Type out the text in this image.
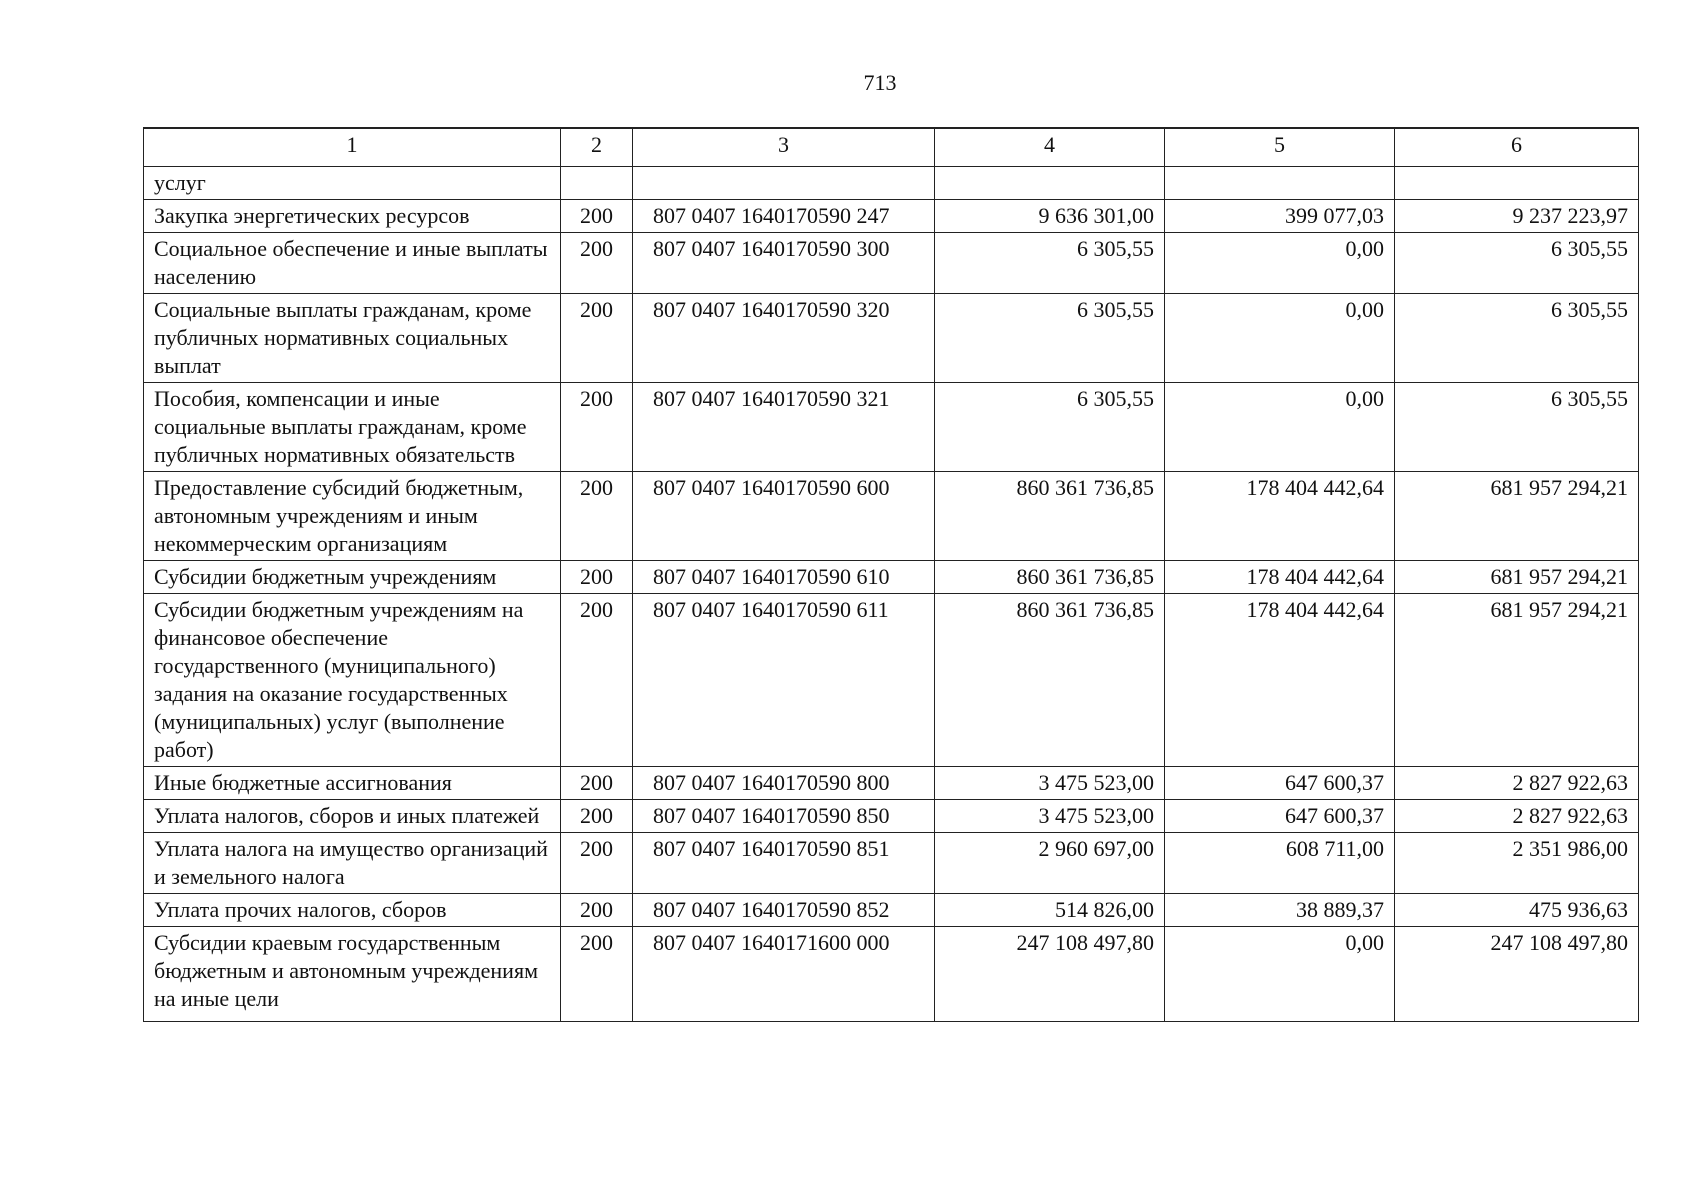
713
1	2	3	4	5	6
услуг					
Закупка энергетических ресурсов	200	807 0407 1640170590 247	9 636 301,00	399 077,03	9 237 223,97
Социальное обеспечение и иные выплаты населению	200	807 0407 1640170590 300	6 305,55	0,00	6 305,55
Социальные выплаты гражданам, кроме публичных нормативных социальных выплат	200	807 0407 1640170590 320	6 305,55	0,00	6 305,55
Пособия, компенсации и иные социальные выплаты гражданам, кроме публичных нормативных обязательств	200	807 0407 1640170590 321	6 305,55	0,00	6 305,55
Предоставление субсидий бюджетным, автономным учреждениям и иным некоммерческим организациям	200	807 0407 1640170590 600	860 361 736,85	178 404 442,64	681 957 294,21
Субсидии бюджетным учреждениям	200	807 0407 1640170590 610	860 361 736,85	178 404 442,64	681 957 294,21
Субсидии бюджетным учреждениям на финансовое обеспечение государственного (муниципального) задания на оказание государственных (муниципальных) услуг (выполнение работ)	200	807 0407 1640170590 611	860 361 736,85	178 404 442,64	681 957 294,21
Иные бюджетные ассигнования	200	807 0407 1640170590 800	3 475 523,00	647 600,37	2 827 922,63
Уплата налогов, сборов и иных платежей	200	807 0407 1640170590 850	3 475 523,00	647 600,37	2 827 922,63
Уплата налога на имущество организаций и земельного налога	200	807 0407 1640170590 851	2 960 697,00	608 711,00	2 351 986,00
Уплата прочих налогов, сборов	200	807 0407 1640170590 852	514 826,00	38 889,37	475 936,63
Субсидии краевым государственным бюджетным и автономным учреждениям на иные цели	200	807 0407 1640171600 000	247 108 497,80	0,00	247 108 497,80
